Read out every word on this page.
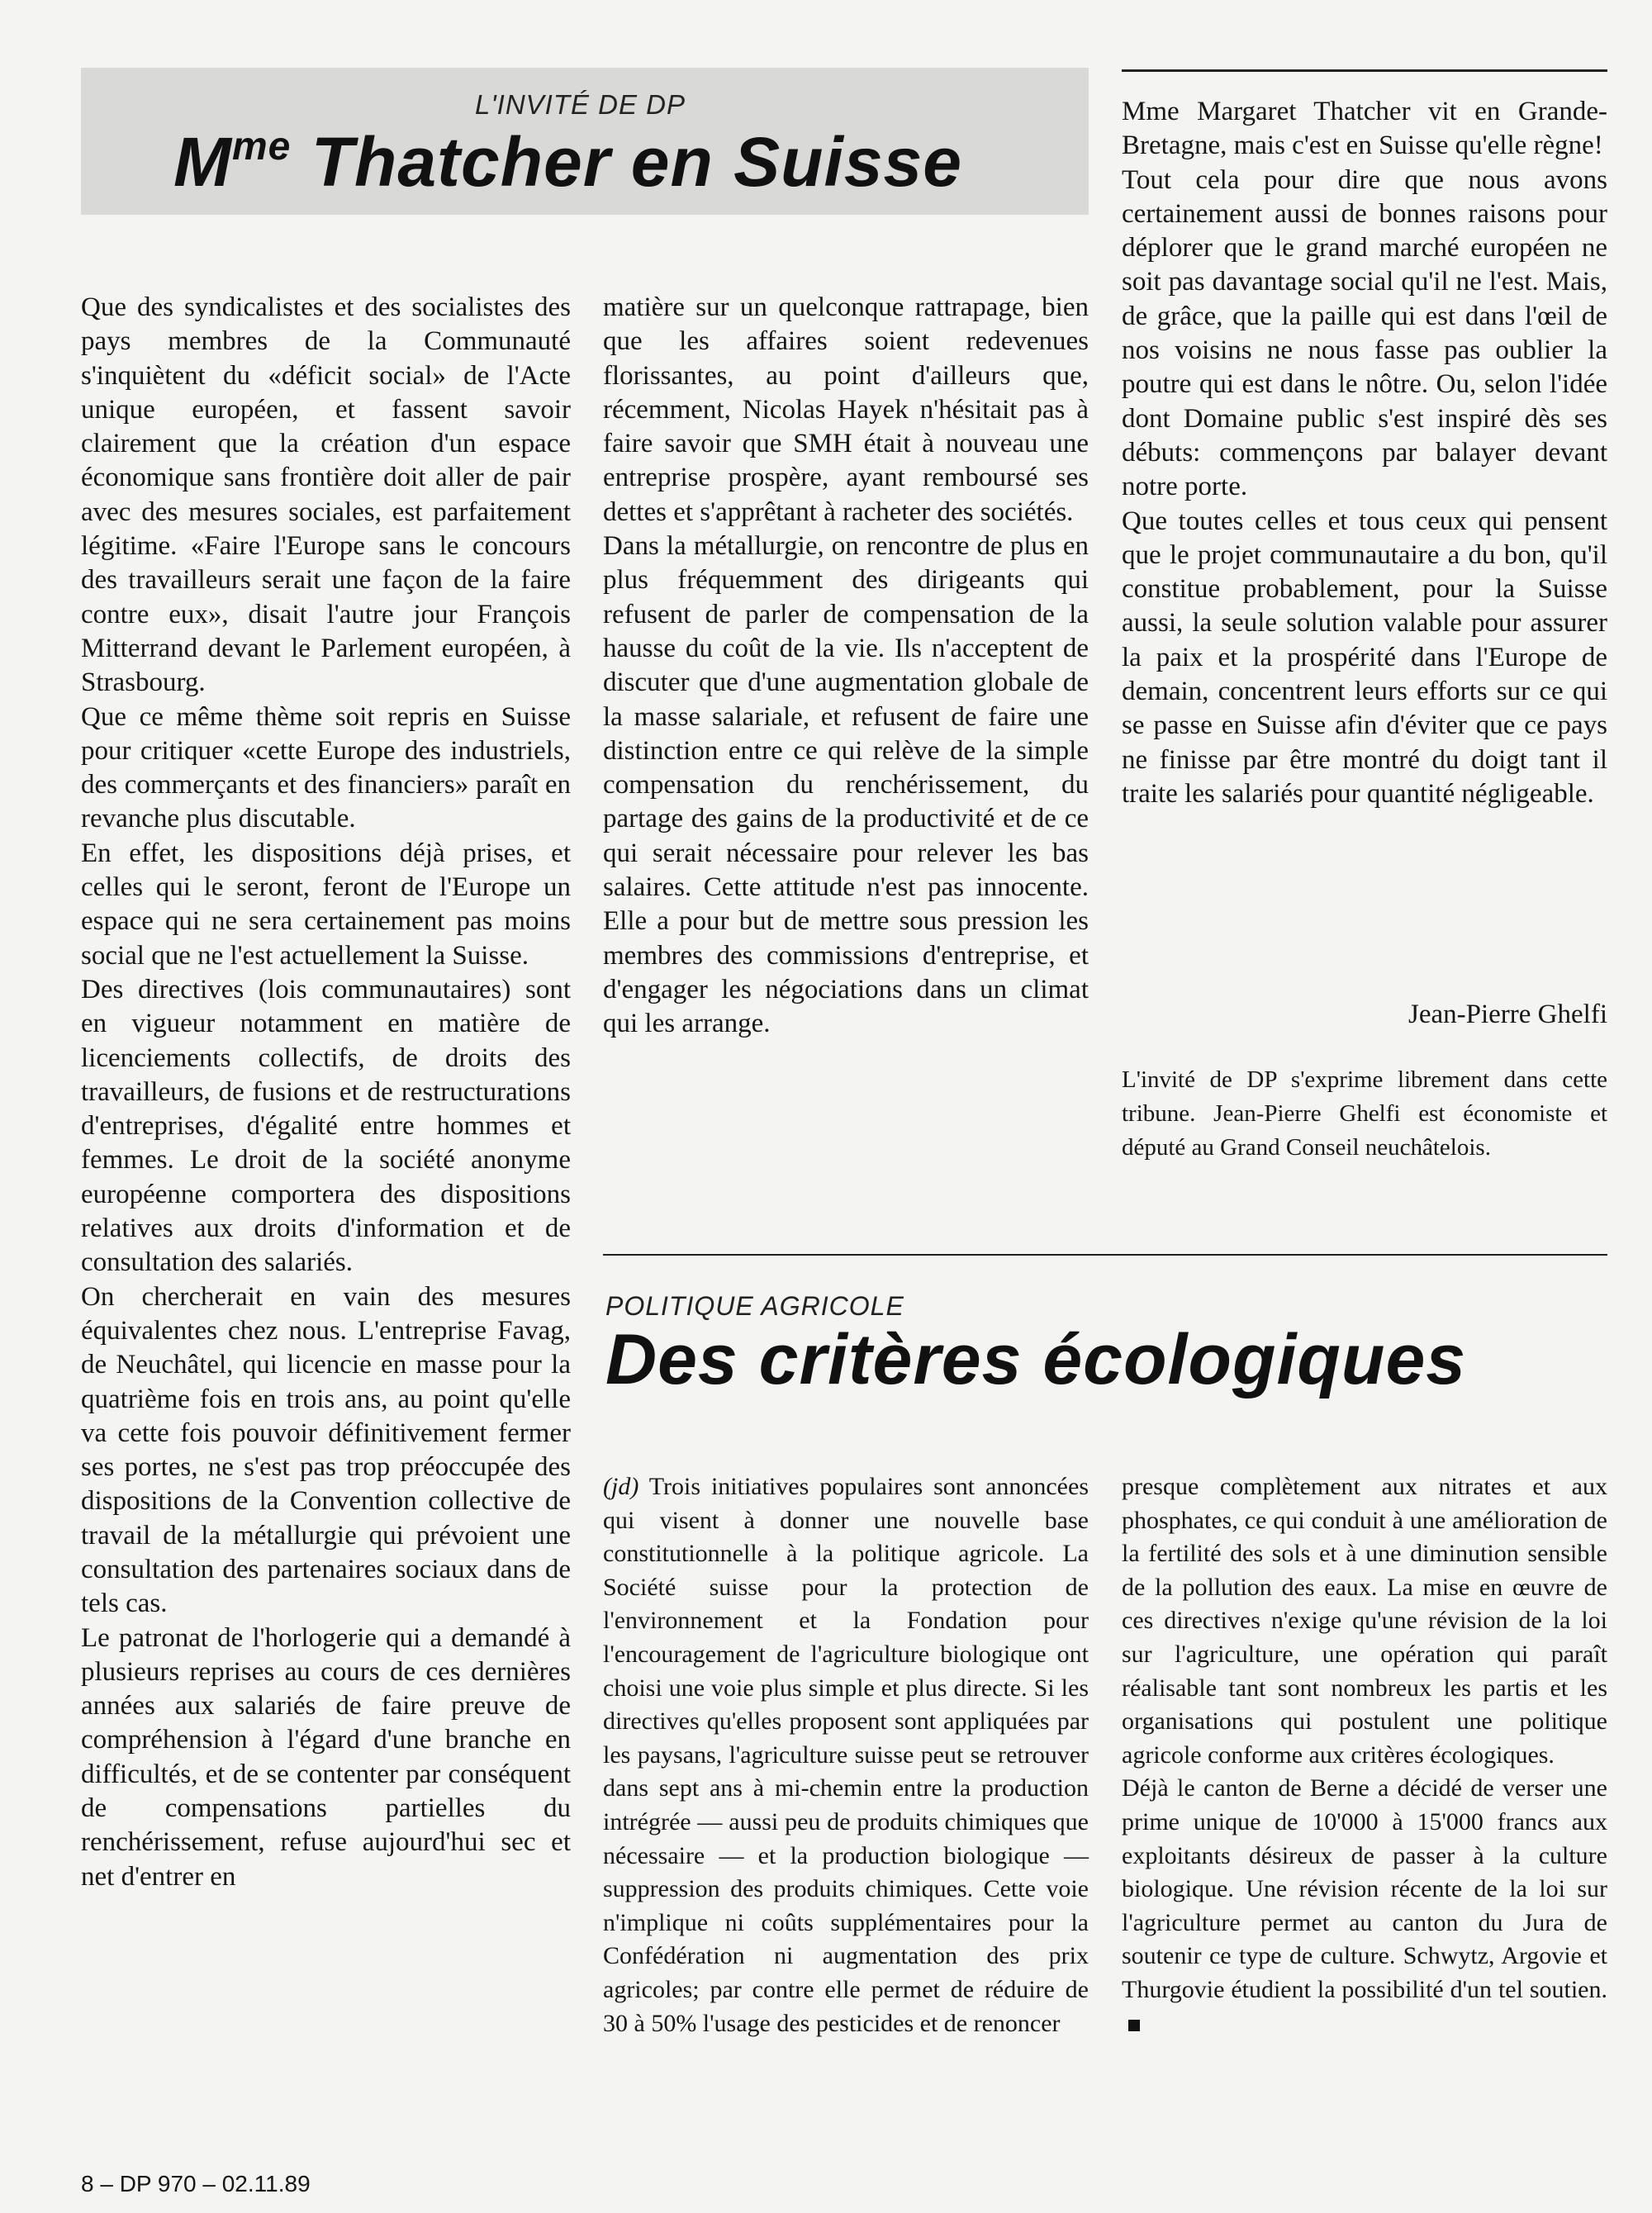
L'INVITÉ DE DP
$M^{me}$ Thatcher en Suisse

Que des syndicalistes et des socialistes des pays membres de la Communauté s'inquiètent du «déficit social» de l'Acte unique européen, et fassent savoir clairement que la création d'un espace économique sans frontière doit aller de pair avec des mesures sociales, est parfaitement légitime. «Faire l'Europe sans le concours des travailleurs serait une façon de la faire contre eux», disait l'autre jour François Mitterrand devant le Parlement européen, à Strasbourg.

Que ce même thème soit repris en Suisse pour critiquer «cette Europe des industriels, des commerçants et des financiers» paraît en revanche plus discutable.

En effet, les dispositions déjà prises, et celles qui le seront, feront de l'Europe un espace qui ne sera certainement pas moins social que ne l'est actuellement la Suisse.

Des directives (lois communautaires) sont en vigueur notamment en matière de licenciements collectifs, de droits des travailleurs, de fusions et de restructurations d'entreprises, d'égalité entre hommes et femmes. Le droit de la société anonyme européenne comportera des dispositions relatives aux droits d'information et de consultation des salariés.

On chercherait en vain des mesures équivalentes chez nous. L'entreprise Favag, de Neuchâtel, qui licencie en masse pour la quatrième fois en trois ans, au point qu'elle va cette fois pouvoir définitivement fermer ses portes, ne s'est pas trop préoccupée des dispositions de la Convention collective de travail de la métallurgie qui prévoient une consultation des partenaires sociaux dans de tels cas.

Le patronat de l'horlogerie qui a demandé à plusieurs reprises au cours de ces dernières années aux salariés de faire preuve de compréhension à l'égard d'une branche en difficultés, et de se contenter par conséquent de compensations partielles du renchérissement, refuse aujourd'hui sec et net d'entrer en

matière sur un quelconque rattrapage, bien que les affaires soient redevenues florissantes, au point d'ailleurs que, récemment, Nicolas Hayek n'hésitait pas à faire savoir que SMH était à nouveau une entreprise prospère, ayant remboursé ses dettes et s'apprêtant à racheter des sociétés.

Dans la métallurgie, on rencontre de plus en plus fréquemment des dirigeants qui refusent de parler de compensation de la hausse du coût de la vie. Ils n'acceptent de discuter que d'une augmentation globale de la masse salariale, et refusent de faire une distinction entre ce qui relève de la simple compensation du renchérissement, du partage des gains de la productivité et de ce qui serait nécessaire pour relever les bas salaires. Cette attitude n'est pas innocente. Elle a pour but de mettre sous pression les membres des commissions d'entreprise, et d'engager les négociations dans un climat qui les arrange.

Mme Margaret Thatcher vit en Grande-Bretagne, mais c'est en Suisse qu'elle règne!

Tout cela pour dire que nous avons certainement aussi de bonnes raisons pour déplorer que le grand marché européen ne soit pas davantage social qu'il ne l'est. Mais, de grâce, que la paille qui est dans l'œil de nos voisins ne nous fasse pas oublier la poutre qui est dans le nôtre. Ou, selon l'idée dont Domaine public s'est inspiré dès ses débuts: commençons par balayer devant notre porte.

Que toutes celles et tous ceux qui pensent que le projet communautaire a du bon, qu'il constitue probablement, pour la Suisse aussi, la seule solution valable pour assurer la paix et la prospérité dans l'Europe de demain, concentrent leurs efforts sur ce qui se passe en Suisse afin d'éviter que ce pays ne finisse par être montré du doigt tant il traite les salariés pour quantité négligeable.

Jean-Pierre Ghelfi

L'invité de DP s'exprime librement dans cette tribune. Jean-Pierre Ghelfi est économiste et député au Grand Conseil neuchâtelois.

POLITIQUE AGRICOLE
Des critères écologiques

(jd) Trois initiatives populaires sont annoncées qui visent à donner une nouvelle base constitutionnelle à la politique agricole. La Société suisse pour la protection de l'environnement et la Fondation pour l'encouragement de l'agriculture biologique ont choisi une voie plus simple et plus directe. Si les directives qu'elles proposent sont appliquées par les paysans, l'agriculture suisse peut se retrouver dans sept ans à mi-chemin entre la production intrégrée — aussi peu de produits chimiques que nécessaire — et la production biologique — suppression des produits chimiques. Cette voie n'implique ni coûts supplémentaires pour la Confédération ni augmentation des prix agricoles; par contre elle permet de réduire de 30 à 50% l'usage des pesticides et de renoncer

presque complètement aux nitrates et aux phosphates, ce qui conduit à une amélioration de la fertilité des sols et à une diminution sensible de la pollution des eaux. La mise en œuvre de ces directives n'exige qu'une révision de la loi sur l'agriculture, une opération qui paraît réalisable tant sont nombreux les partis et les organisations qui postulent une politique agricole conforme aux critères écologiques.

Déjà le canton de Berne a décidé de verser une prime unique de 10'000 à 15'000 francs aux exploitants désireux de passer à la culture biologique. Une révision récente de la loi sur l'agriculture permet au canton du Jura de soutenir ce type de culture. Schwytz, Argovie et Thurgovie étudient la possibilité d'un tel soutien.

8 – DP 970 – 02.11.89
